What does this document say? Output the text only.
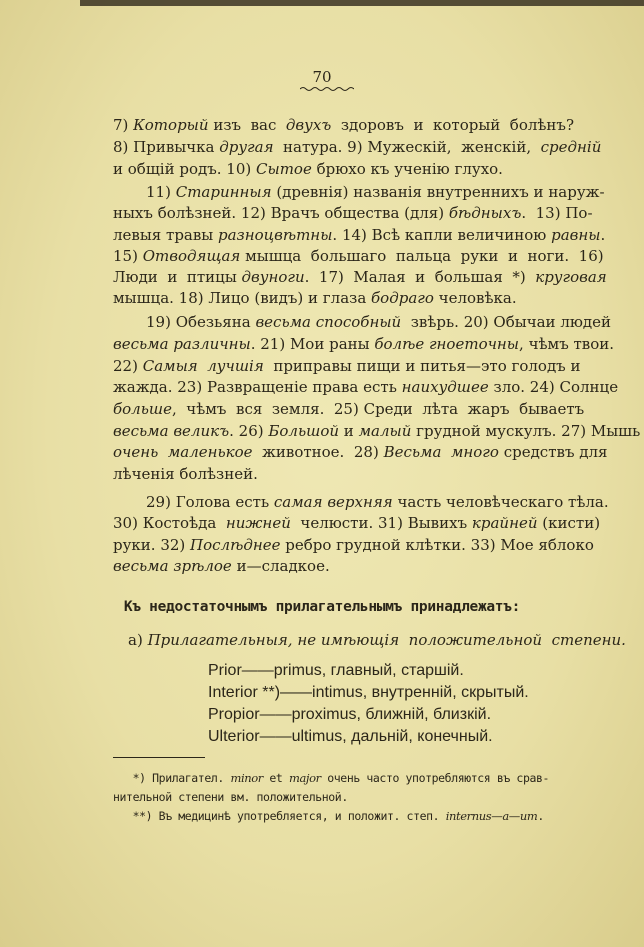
70
7) Который изъ  вас  двухъ  здоровъ  и  который  болѣнъ?
8) Привычка другая  натура. 9) Мужескій,  женскій,  средній
и общій родъ. 10) Сытое брюхо къ ученію глухо.
11) Старинныя (древнія) названія внутреннихъ и наруж-
ныхъ болѣзней. 12) Врачъ общества (для) бѣдныхъ.  13) По-
левыя травы разноцвѣтны. 14) Всѣ капли величиною равны.
15) Отводящая мышца  большаго  пальца  руки  и  ноги.  16)
Люди  и  птицы двуноги.  17)  Малая  и  большая  *)  круговая
мышца. 18) Лицо (видъ) и глаза бодраго человѣка.
19) Обезьяна весьма способный  звѣрь. 20) Обычаи людей
весьма различны. 21) Мои раны болѣе гноеточны, чѣмъ твои.
22) Самыя  лучшія  приправы пищи и питья—это голодъ и
жажда. 23) Развращеніе права есть наихудшее зло. 24) Солнце
больше,  чѣмъ  вся  земля.  25) Среди  лѣта  жаръ  бываетъ
весьма великъ. 26) Большой и малый грудной мускулъ. 27) Мышь
очень  маленькое  животное.  28) Весьма  много средствъ для
лѣченія болѣзней.
29) Голова есть самая верхняя часть человѣческаго тѣла.
30) Костоѣда  нижней  челюсти. 31) Вывихъ крайней (кисти)
руки. 32) Послѣднее ребро грудной клѣтки. 33) Мое яблоко
весьма зрѣлое и—сладкое.
Къ недостаточнымъ прилагательнымъ принадлежатъ:
а) Прилагательныя, не имѣющія  положительной  степени.
Prior——primus, главный, старшій.
Interior **)——intimus, внутренній, скрытый.
Propior——proximus, ближній, близкій.
Ulterior——ultimus, дальній, конечный.
*) Прилагател. minor et major очень часто употребляются въ срав-
нительной степени вм. положительной.
**) Въ медицинѣ употребляется, и положит. степ. internus—a—um.
